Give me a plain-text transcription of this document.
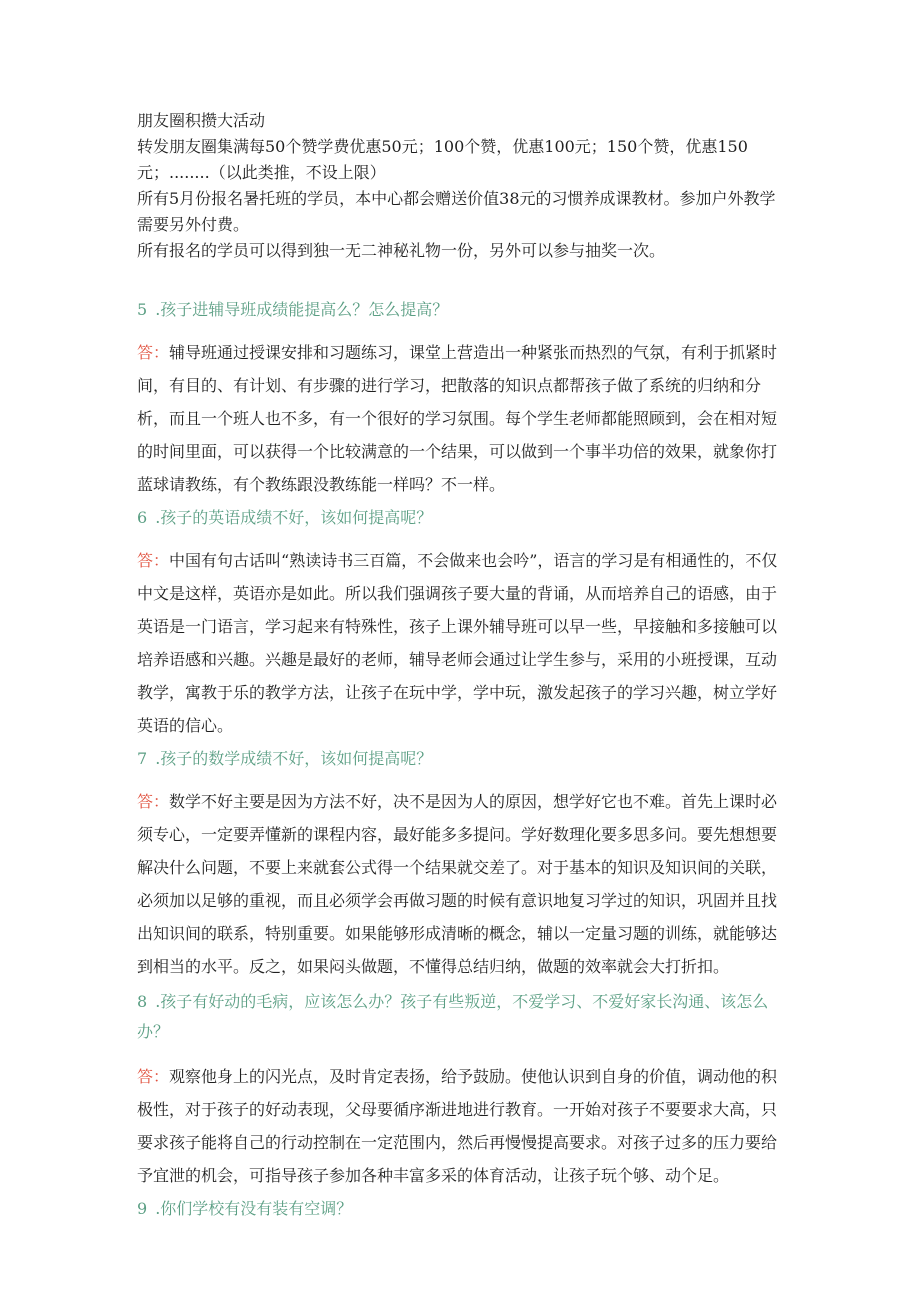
朋友圈积攒大活动

转发朋友圈集满每50个赞学费优惠50元；100个赞，优惠100元；150个赞，优惠150元；........（以此类推，不设上限）

所有5月份报名暑托班的学员，本中心都会赠送价值38元的习惯养成课教材。参加户外教学需要另外付费。

所有报名的学员可以得到独一无二神秘礼物一份，另外可以参与抽奖一次。

5 .孩子进辅导班成绩能提高么？怎么提高？

答：辅导班通过授课安排和习题练习，课堂上营造出一种紧张而热烈的气氛，有利于抓紧时间，有目的、有计划、有步骤的进行学习，把散落的知识点都帮孩子做了系统的归纳和分析，而且一个班人也不多，有一个很好的学习氛围。每个学生老师都能照顾到，会在相对短的时间里面，可以获得一个比较满意的一个结果，可以做到一个事半功倍的效果，就象你打蓝球请教练，有个教练跟没教练能一样吗？不一样。

6 .孩子的英语成绩不好，该如何提高呢？

答：中国有句古话叫“熟读诗书三百篇，不会做来也会吟”，语言的学习是有相通性的，不仅中文是这样，英语亦是如此。所以我们强调孩子要大量的背诵，从而培养自己的语感，由于英语是一门语言，学习起来有特殊性，孩子上课外辅导班可以早一些，早接触和多接触可以培养语感和兴趣。兴趣是最好的老师，辅导老师会通过让学生参与，采用的小班授课，互动教学，寓教于乐的教学方法，让孩子在玩中学，学中玩，激发起孩子的学习兴趣，树立学好英语的信心。

7 .孩子的数学成绩不好，该如何提高呢？

答：数学不好主要是因为方法不好，决不是因为人的原因，想学好它也不难。首先上课时必须专心，一定要弄懂新的课程内容，最好能多多提问。学好数理化要多思多问。要先想想要解决什么问题，不要上来就套公式得一个结果就交差了。对于基本的知识及知识间的关联，必须加以足够的重视，而且必须学会再做习题的时候有意识地复习学过的知识，巩固并且找出知识间的联系，特别重要。如果能够形成清晰的概念，辅以一定量习题的训练，就能够达到相当的水平。反之，如果闷头做题，不懂得总结归纳，做题的效率就会大打折扣。

8 .孩子有好动的毛病，应该怎么办？孩子有些叛逆，不爱学习、不爱好家长沟通、该怎么办？

答：观察他身上的闪光点，及时肯定表扬，给予鼓励。使他认识到自身的价值，调动他的积极性，对于孩子的好动表现，父母要循序渐进地进行教育。一开始对孩子不要要求大高，只要求孩子能将自己的行动控制在一定范围内，然后再慢慢提高要求。对孩子过多的压力要给予宜泄的机会，可指导孩子参加各种丰富多采的体育活动，让孩子玩个够、动个足。

9 .你们学校有没有装有空调？
